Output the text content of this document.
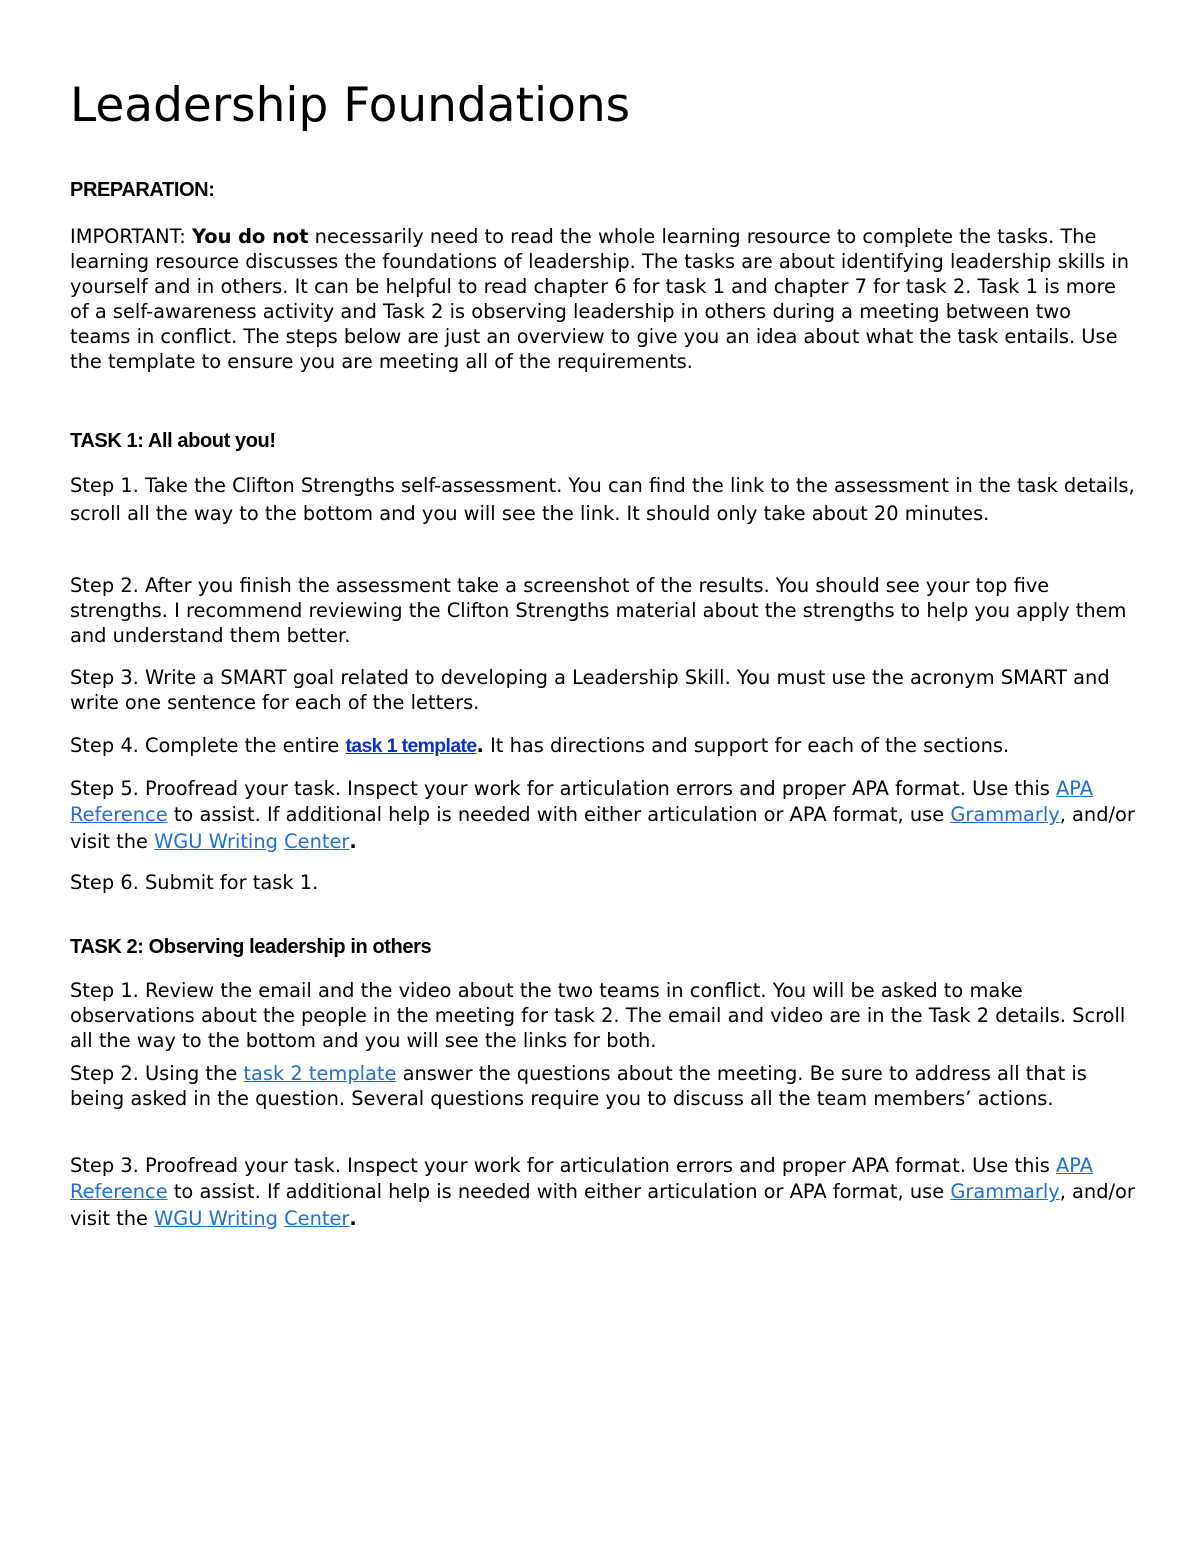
Leadership Foundations

PREPARATION:

IMPORTANT: You do not necessarily need to read the whole learning resource to complete the tasks. The learning resource discusses the foundations of leadership. The tasks are about identifying leadership skills in yourself and in others. It can be helpful to read chapter 6 for task 1 and chapter 7 for task 2. Task 1 is more of a self-awareness activity and Task 2 is observing leadership in others during a meeting between two teams in conflict. The steps below are just an overview to give you an idea about what the task entails. Use the template to ensure you are meeting all of the requirements.

TASK 1: All about you!

Step 1. Take the Clifton Strengths self-assessment. You can find the link to the assessment in the task details, scroll all the way to the bottom and you will see the link. It should only take about 20 minutes.

Step 2. After you finish the assessment take a screenshot of the results. You should see your top five strengths. I recommend reviewing the Clifton Strengths material about the strengths to help you apply them and understand them better.

Step 3. Write a SMART goal related to developing a Leadership Skill. You must use the acronym SMART and write one sentence for each of the letters.

Step 4. Complete the entire task 1 template. It has directions and support for each of the sections.

Step 5. Proofread your task. Inspect your work for articulation errors and proper APA format. Use this APA Reference to assist. If additional help is needed with either articulation or APA format, use Grammarly, and/or visit the WGU Writing Center.

Step 6. Submit for task 1.

TASK 2: Observing leadership in others

Step 1. Review the email and the video about the two teams in conflict. You will be asked to make observations about the people in the meeting for task 2. The email and video are in the Task 2 details. Scroll all the way to the bottom and you will see the links for both.

Step 2. Using the task 2 template answer the questions about the meeting. Be sure to address all that is being asked in the question. Several questions require you to discuss all the team members’ actions.

Step 3. Proofread your task. Inspect your work for articulation errors and proper APA format. Use this APA Reference to assist. If additional help is needed with either articulation or APA format, use Grammarly, and/or visit the WGU Writing Center.
